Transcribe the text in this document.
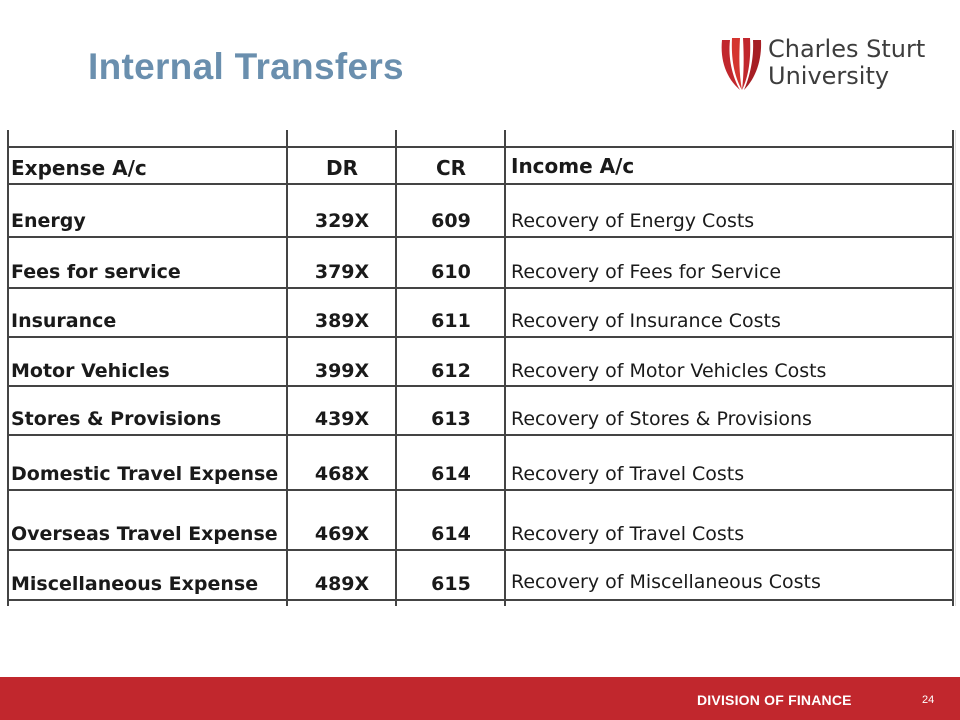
Internal Transfers	Charles Sturt
University
Expense A/c	DR	CR	Income A/c
Energy	329X	609	Recovery of Energy Costs
Fees for service	379X	610	Recovery of Fees for Service
Insurance	389X	611	Recovery of Insurance Costs
Motor Vehicles	399X	612	Recovery of Motor Vehicles Costs
Stores & Provisions	439X	613	Recovery of Stores & Provisions
Domestic Travel Expense	468X	614	Recovery of Travel Costs
Overseas Travel Expense	469X	614	Recovery of Travel Costs
Miscellaneous Expense	489X	615	Recovery of Miscellaneous Costs
DIVISION OF FINANCE	24
